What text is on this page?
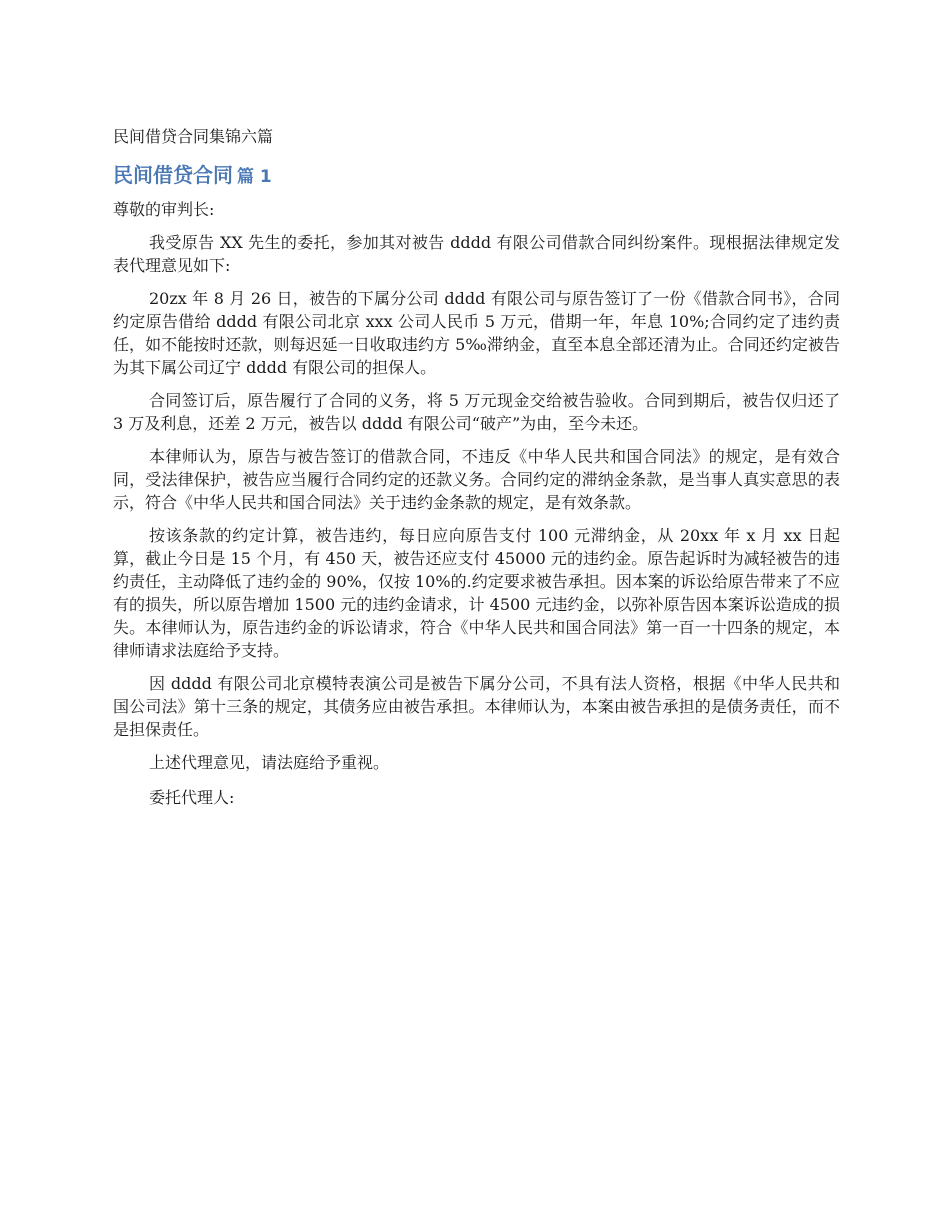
民间借贷合同集锦六篇
民间借贷合同 篇 1
尊敬的审判长:

我受原告 XX 先生的委托，参加其对被告 dddd 有限公司借款合同纠纷案件。现根据法律规定发表代理意见如下:

20zx 年 8 月 26 日，被告的下属分公司 dddd 有限公司与原告签订了一份《借款合同书》，合同约定原告借给 dddd 有限公司北京 xxx 公司人民币 5 万元，借期一年，年息 10%;合同约定了违约责任，如不能按时还款，则每迟延一日收取违约方 5‰滞纳金，直至本息全部还清为止。合同还约定被告为其下属公司辽宁 dddd 有限公司的担保人。

合同签订后，原告履行了合同的义务，将 5 万元现金交给被告验收。合同到期后，被告仅归还了 3 万及利息，还差 2 万元，被告以 dddd 有限公司“破产”为由，至今未还。

本律师认为，原告与被告签订的借款合同，不违反《中华人民共和国合同法》的规定，是有效合同，受法律保护，被告应当履行合同约定的还款义务。合同约定的滞纳金条款，是当事人真实意思的表示，符合《中华人民共和国合同法》关于违约金条款的规定，是有效条款。

按该条款的约定计算，被告违约，每日应向原告支付 100 元滞纳金，从 20xx 年 x 月 xx 日起算，截止今日是 15 个月，有 450 天，被告还应支付 45000 元的违约金。原告起诉时为减轻被告的违约责任，主动降低了违约金的 90%，仅按 10%的.约定要求被告承担。因本案的诉讼给原告带来了不应有的损失，所以原告增加 1500 元的违约金请求，计 4500 元违约金，以弥补原告因本案诉讼造成的损失。本律师认为，原告违约金的诉讼请求，符合《中华人民共和国合同法》第一百一十四条的规定，本律师请求法庭给予支持。

因 dddd 有限公司北京模特表演公司是被告下属分公司，不具有法人资格，根据《中华人民共和国公司法》第十三条的规定，其债务应由被告承担。本律师认为，本案由被告承担的是债务责任，而不是担保责任。

上述代理意见，请法庭给予重视。

委托代理人:
